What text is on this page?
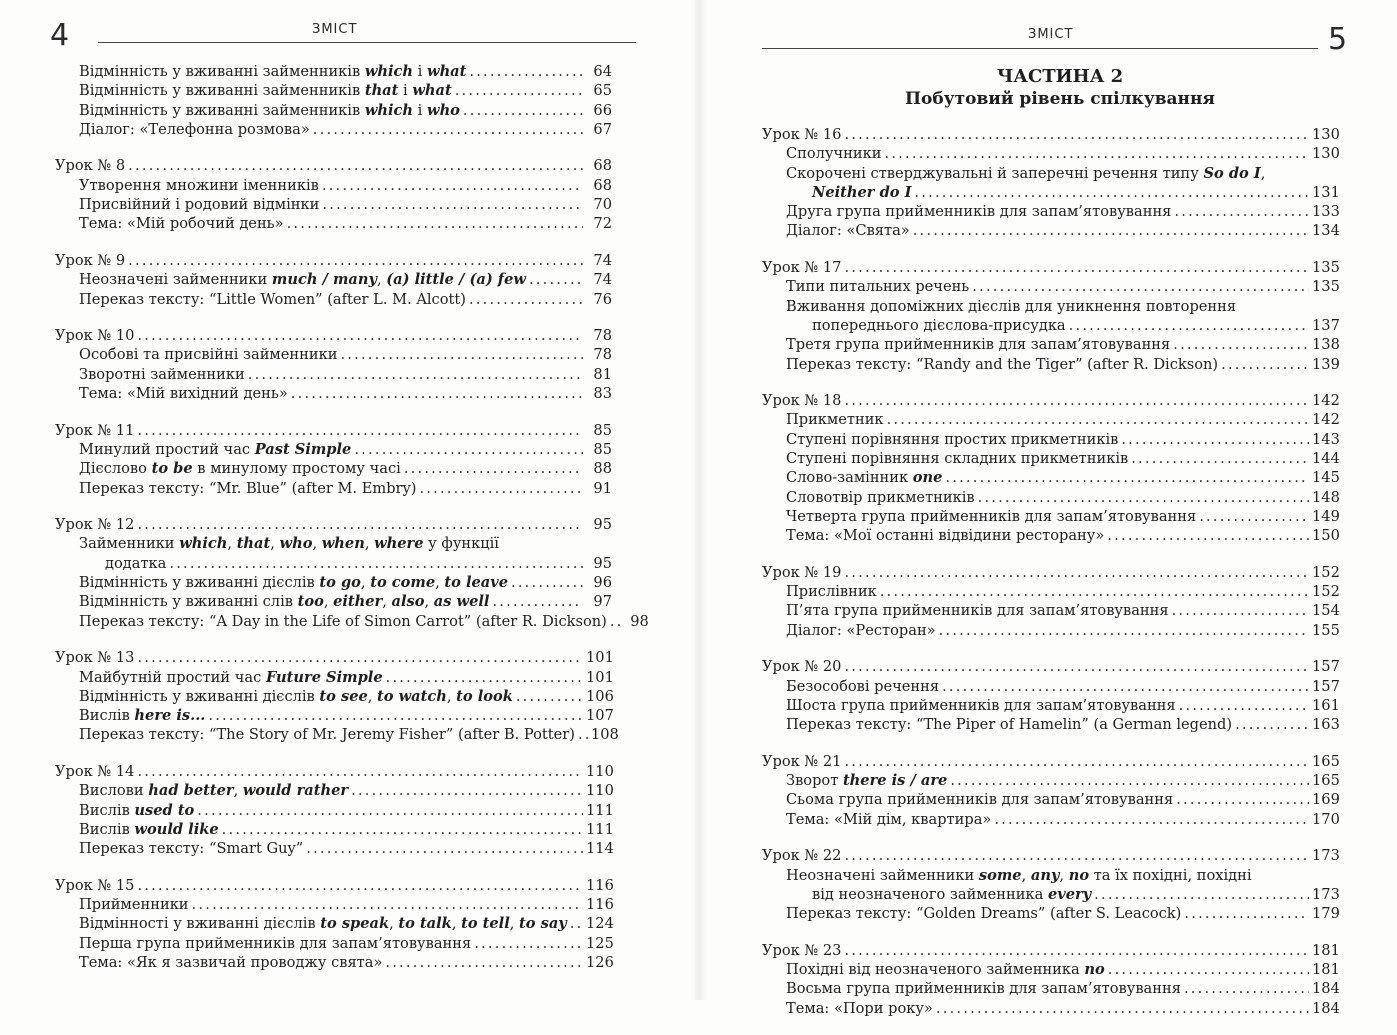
4	ЗМІСТ
Відмінність у вживанні займенників which і what .....	64
Відмінність у вживанні займенників that і what .....	65
Відмінність у вживанні займенників which і who .....	66
Діалог: «Телефонна розмова» .....	67
Урок № 8 .....	68
Утворення множини іменників .....	68
Присвійний і родовий відмінки .....	70
Тема: «Мій робочий день» .....	72
Урок № 9 .....	74
Неозначені займенники much / many, (a) little / (a) few .....	74
Переказ тексту: “Little Women” (after L. M. Alcott) .....	76
Урок № 10 .....	78
Особові та присвійні займенники .....	78
Зворотні займенники .....	81
Тема: «Мій вихідний день» .....	83
Урок № 11 .....	85
Минулий простий час Past Simple .....	85
Дієслово to be в минулому простому часі .....	88
Переказ тексту: “Mr. Blue” (after M. Embry) .....	91
Урок № 12 .....	95
Займенники which, that, who, when, where у функції
додатка .....	95
Відмінність у вживанні дієслів to go, to come, to leave .....	96
Відмінність у вживанні слів too, either, also, as well .....	97
Переказ тексту: “A Day in the Life of Simon Carrot” (after R. Dickson) .....	98
Урок № 13 .....	101
Майбутній простий час Future Simple .....	101
Відмінність у вживанні дієслів to see, to watch, to look .....	106
Вислів here is... .....	107
Переказ тексту: “The Story of Mr. Jeremy Fisher” (after B. Potter) ..... 108
Урок № 14 .....	110
Вислови had better, would rather .....	110
Вислів used to .....	111
Вислів would like .....	111
Переказ тексту: “Smart Guy” .....	114
Урок № 15 .....	116
Прийменники .....	116
Відмінності у вживанні дієслів to speak, to talk, to tell, to say ..... 124
Перша група прийменників для запам’ятовування .....	125
Тема: «Як я зазвичай проводжу свята» .....	126
ЗМІСТ	5
ЧАСТИНА 2
Побутовий рівень спілкування
Урок № 16 .....	130
Сполучники .....	130
Скорочені стверджувальні й заперечні речення типу So do I,
Neither do I .....	131
Друга група прийменників для запам’ятовування .....	133
Діалог: «Свята» .....	134
Урок № 17 .....	135
Типи питальних речень .....	135
Вживання допоміжних дієслів для уникнення повторення
попереднього дієслова-присудка .....	137
Третя група прийменників для запам’ятовування .....	138
Переказ тексту: “Randy and the Tiger” (after R. Dickson) .....	139
Урок № 18 .....	142
Прикметник .....	142
Ступені порівняння простих прикметників .....	143
Ступені порівняння складних прикметників .....	144
Слово-замінник one .....	145
Словотвір прикметників .....	148
Четверта група прийменників для запам’ятовування .....	149
Тема: «Мої останні відвідини ресторану» .....	150
Урок № 19 .....	152
Прислівник .....	152
П’ята група прийменників для запам’ятовування .....	154
Діалог: «Ресторан» .....	155
Урок № 20 .....	157
Безособові речення .....	157
Шоста група прийменників для запам’ятовування .....	161
Переказ тексту: “The Piper of Hamelin” (a German legend) .....	163
Урок № 21 .....	165
Зворот there is / are .....	165
Сьома група прийменників для запам’ятовування .....	169
Тема: «Мій дім, квартира» .....	170
Урок № 22 .....	173
Неозначені займенники some, any, no та їх похідні, похідні
від неозначеного займенника every .....	173
Переказ тексту: “Golden Dreams” (after S. Leacock) .....	179
Урок № 23 .....	181
Похідні від неозначеного займенника no .....	181
Восьма група прийменників для запам’ятовування .....	184
Тема: «Пори року» .....	184
